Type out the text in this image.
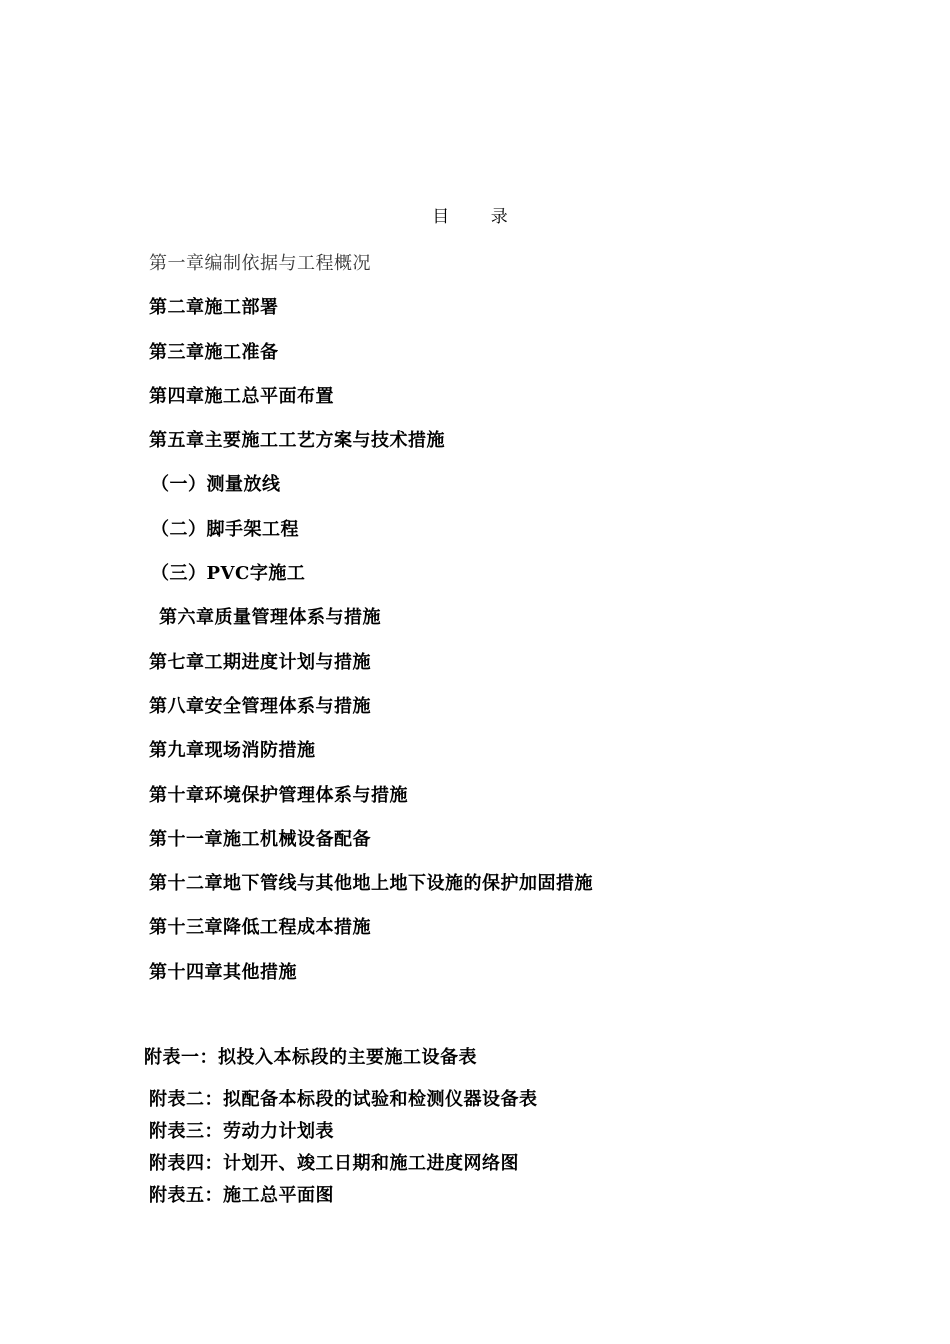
目 录
第一章编制依据与工程概况
第二章施工部署
第三章施工准备
第四章施工总平面布置
第五章主要施工工艺方案与技术措施
（一）测量放线
（二）脚手架工程
（三）PVC字施工
第六章质量管理体系与措施
第七章工期进度计划与措施
第八章安全管理体系与措施
第九章现场消防措施
第十章环境保护管理体系与措施
第十一章施工机械设备配备
第十二章地下管线与其他地上地下设施的保护加固措施
第十三章降低工程成本措施
第十四章其他措施
附表一：拟投入本标段的主要施工设备表
附表二：拟配备本标段的试验和检测仪器设备表
附表三：劳动力计划表
附表四：计划开、竣工日期和施工进度网络图
附表五：施工总平面图
